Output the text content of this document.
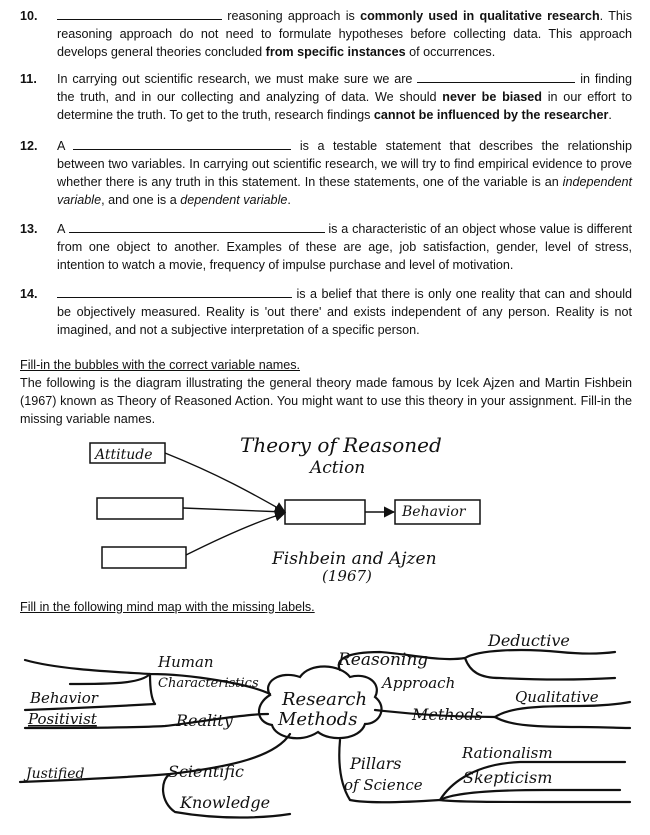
10.	reasoning approach is commonly used in qualitative research. This reasoning approach do not need to formulate hypotheses before collecting data. This approach develops general theories concluded from specific instances of occurrences.
11. In carrying out scientific research, we must make sure we are	in finding the truth, and in our collecting and analyzing of data. We should never be biased in our effort to determine the truth. To get to the truth, research findings cannot be influenced by the researcher.
12. A	is a testable statement that describes the relationship between two variables. In carrying out scientific research, we will try to find empirical evidence to prove whether there is any truth in this statement. In these statements, one of the variable is an independent variable, and one is a dependent variable.
13. A	is a characteristic of an object whose value is different from one object to another. Examples of these are age, job satisfaction, gender, level of stress, intention to watch a movie, frequency of impulse purchase and level of motivation.
14.	is a belief that there is only one reality that can and should be objectively measured. Reality is 'out there' and exists independent of any person. Reality is not imagined, and not a subjective interpretation of a specific person.
Fill-in the bubbles with the correct variable names.
The following is the diagram illustrating the general theory made famous by Icek Ajzen and Martin Fishbein (1967) known as Theory of Reasoned Action. You might want to use this theory in your assignment. Fill-in the missing variable names.
Theory of Reasoned
Action
Attitude
Behavior
Fishbein and Ajzen
(1967)
Fill in the following mind map with the missing labels.
Research
Methods
Human
Characteristics
Behavior
Positivist	Reality
Justified	Scientific
Knowledge
Reasoning
Approach
Deductive
Methods
Qualitative
Pillars
of Science
Rationalism
Skepticism
